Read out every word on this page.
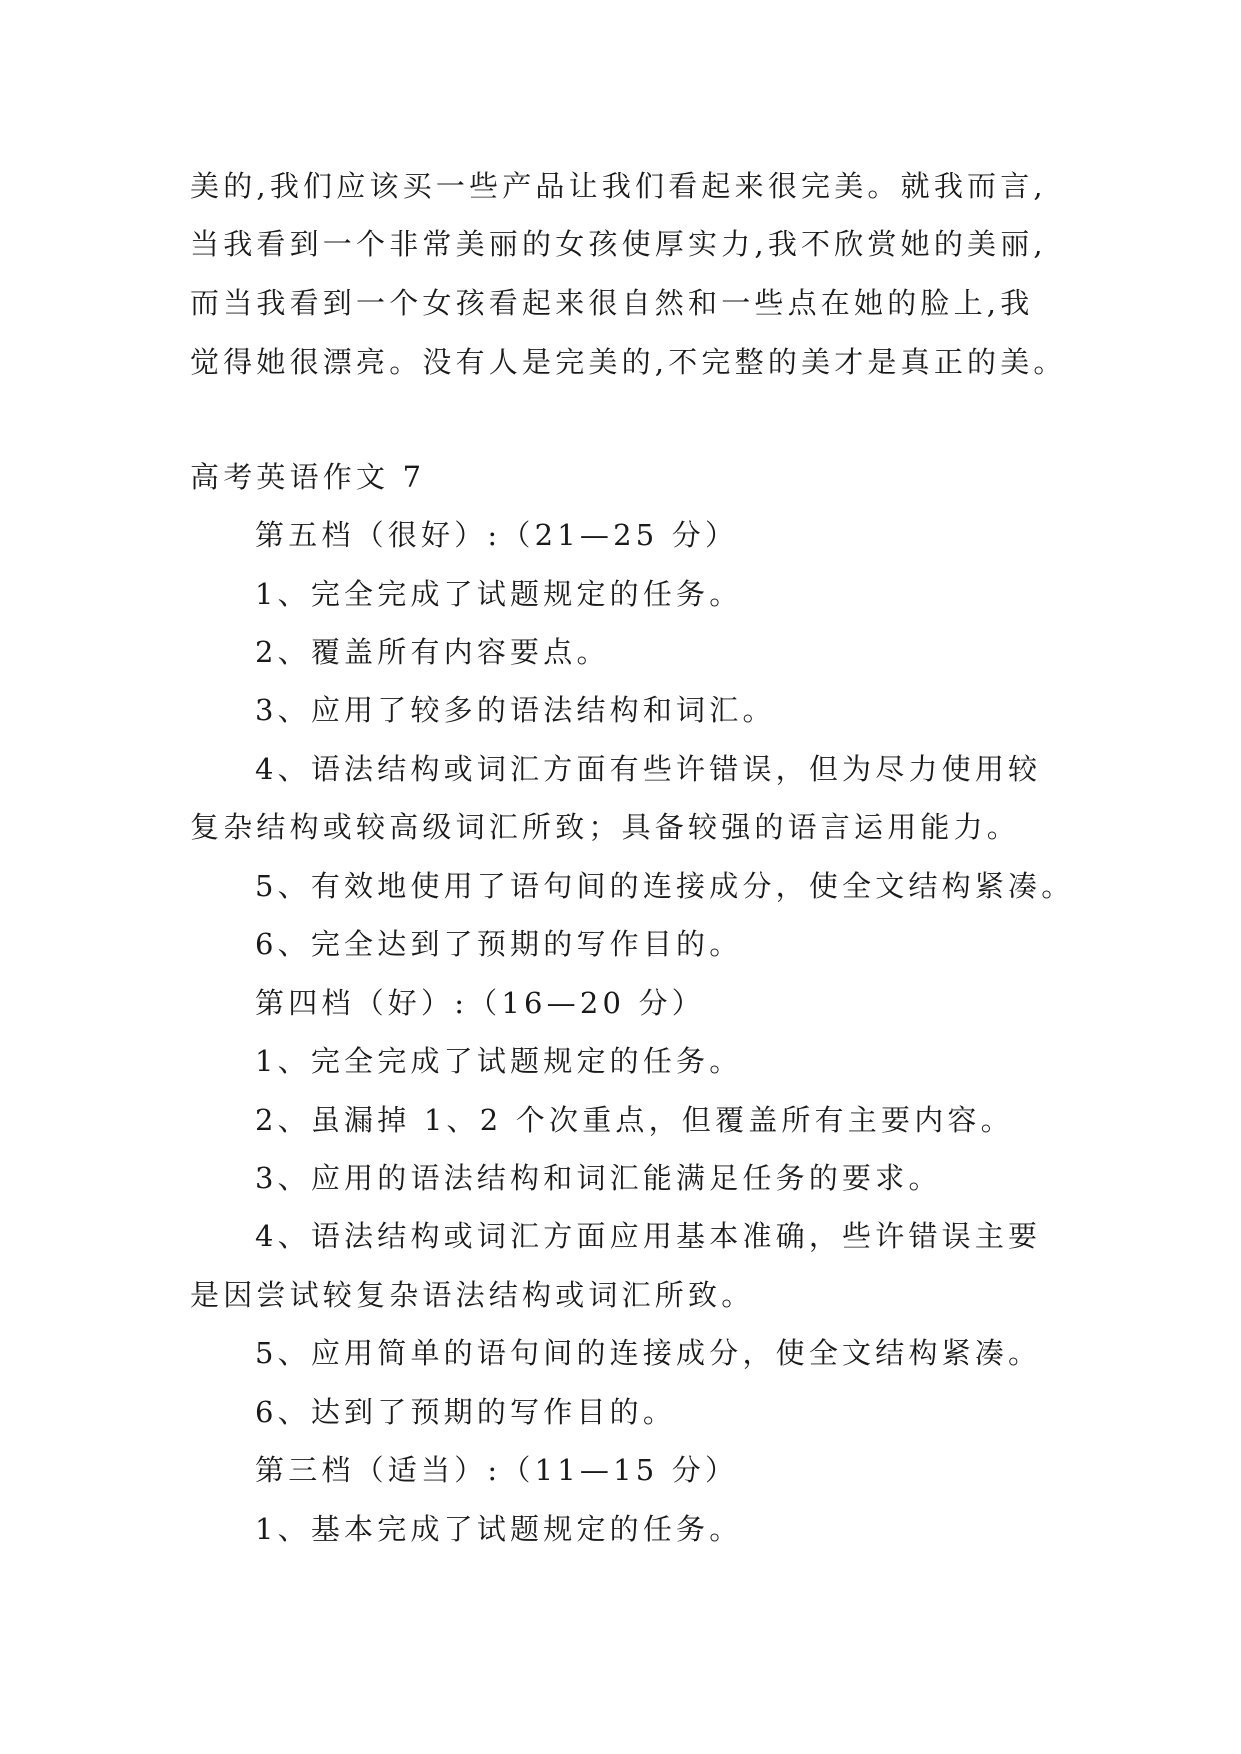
美的,我们应该买一些产品让我们看起来很完美。就我而言,
当我看到一个非常美丽的女孩使厚实力,我不欣赏她的美丽,
而当我看到一个女孩看起来很自然和一些点在她的脸上,我
觉得她很漂亮。没有人是完美的,不完整的美才是真正的美。
高考英语作文 7
第五档（很好）:（21—25 分）
1、完全完成了试题规定的任务。
2、覆盖所有内容要点。
3、应用了较多的语法结构和词汇。
4、语法结构或词汇方面有些许错误，但为尽力使用较
复杂结构或较高级词汇所致；具备较强的语言运用能力。
5、有效地使用了语句间的连接成分，使全文结构紧凑。
6、完全达到了预期的写作目的。
第四档（好）:（16—20 分）
1、完全完成了试题规定的任务。
2、虽漏掉 1、2 个次重点，但覆盖所有主要内容。
3、应用的语法结构和词汇能满足任务的要求。
4、语法结构或词汇方面应用基本准确，些许错误主要
是因尝试较复杂语法结构或词汇所致。
5、应用简单的语句间的连接成分，使全文结构紧凑。
6、达到了预期的写作目的。
第三档（适当）:（11—15 分）
1、基本完成了试题规定的任务。
